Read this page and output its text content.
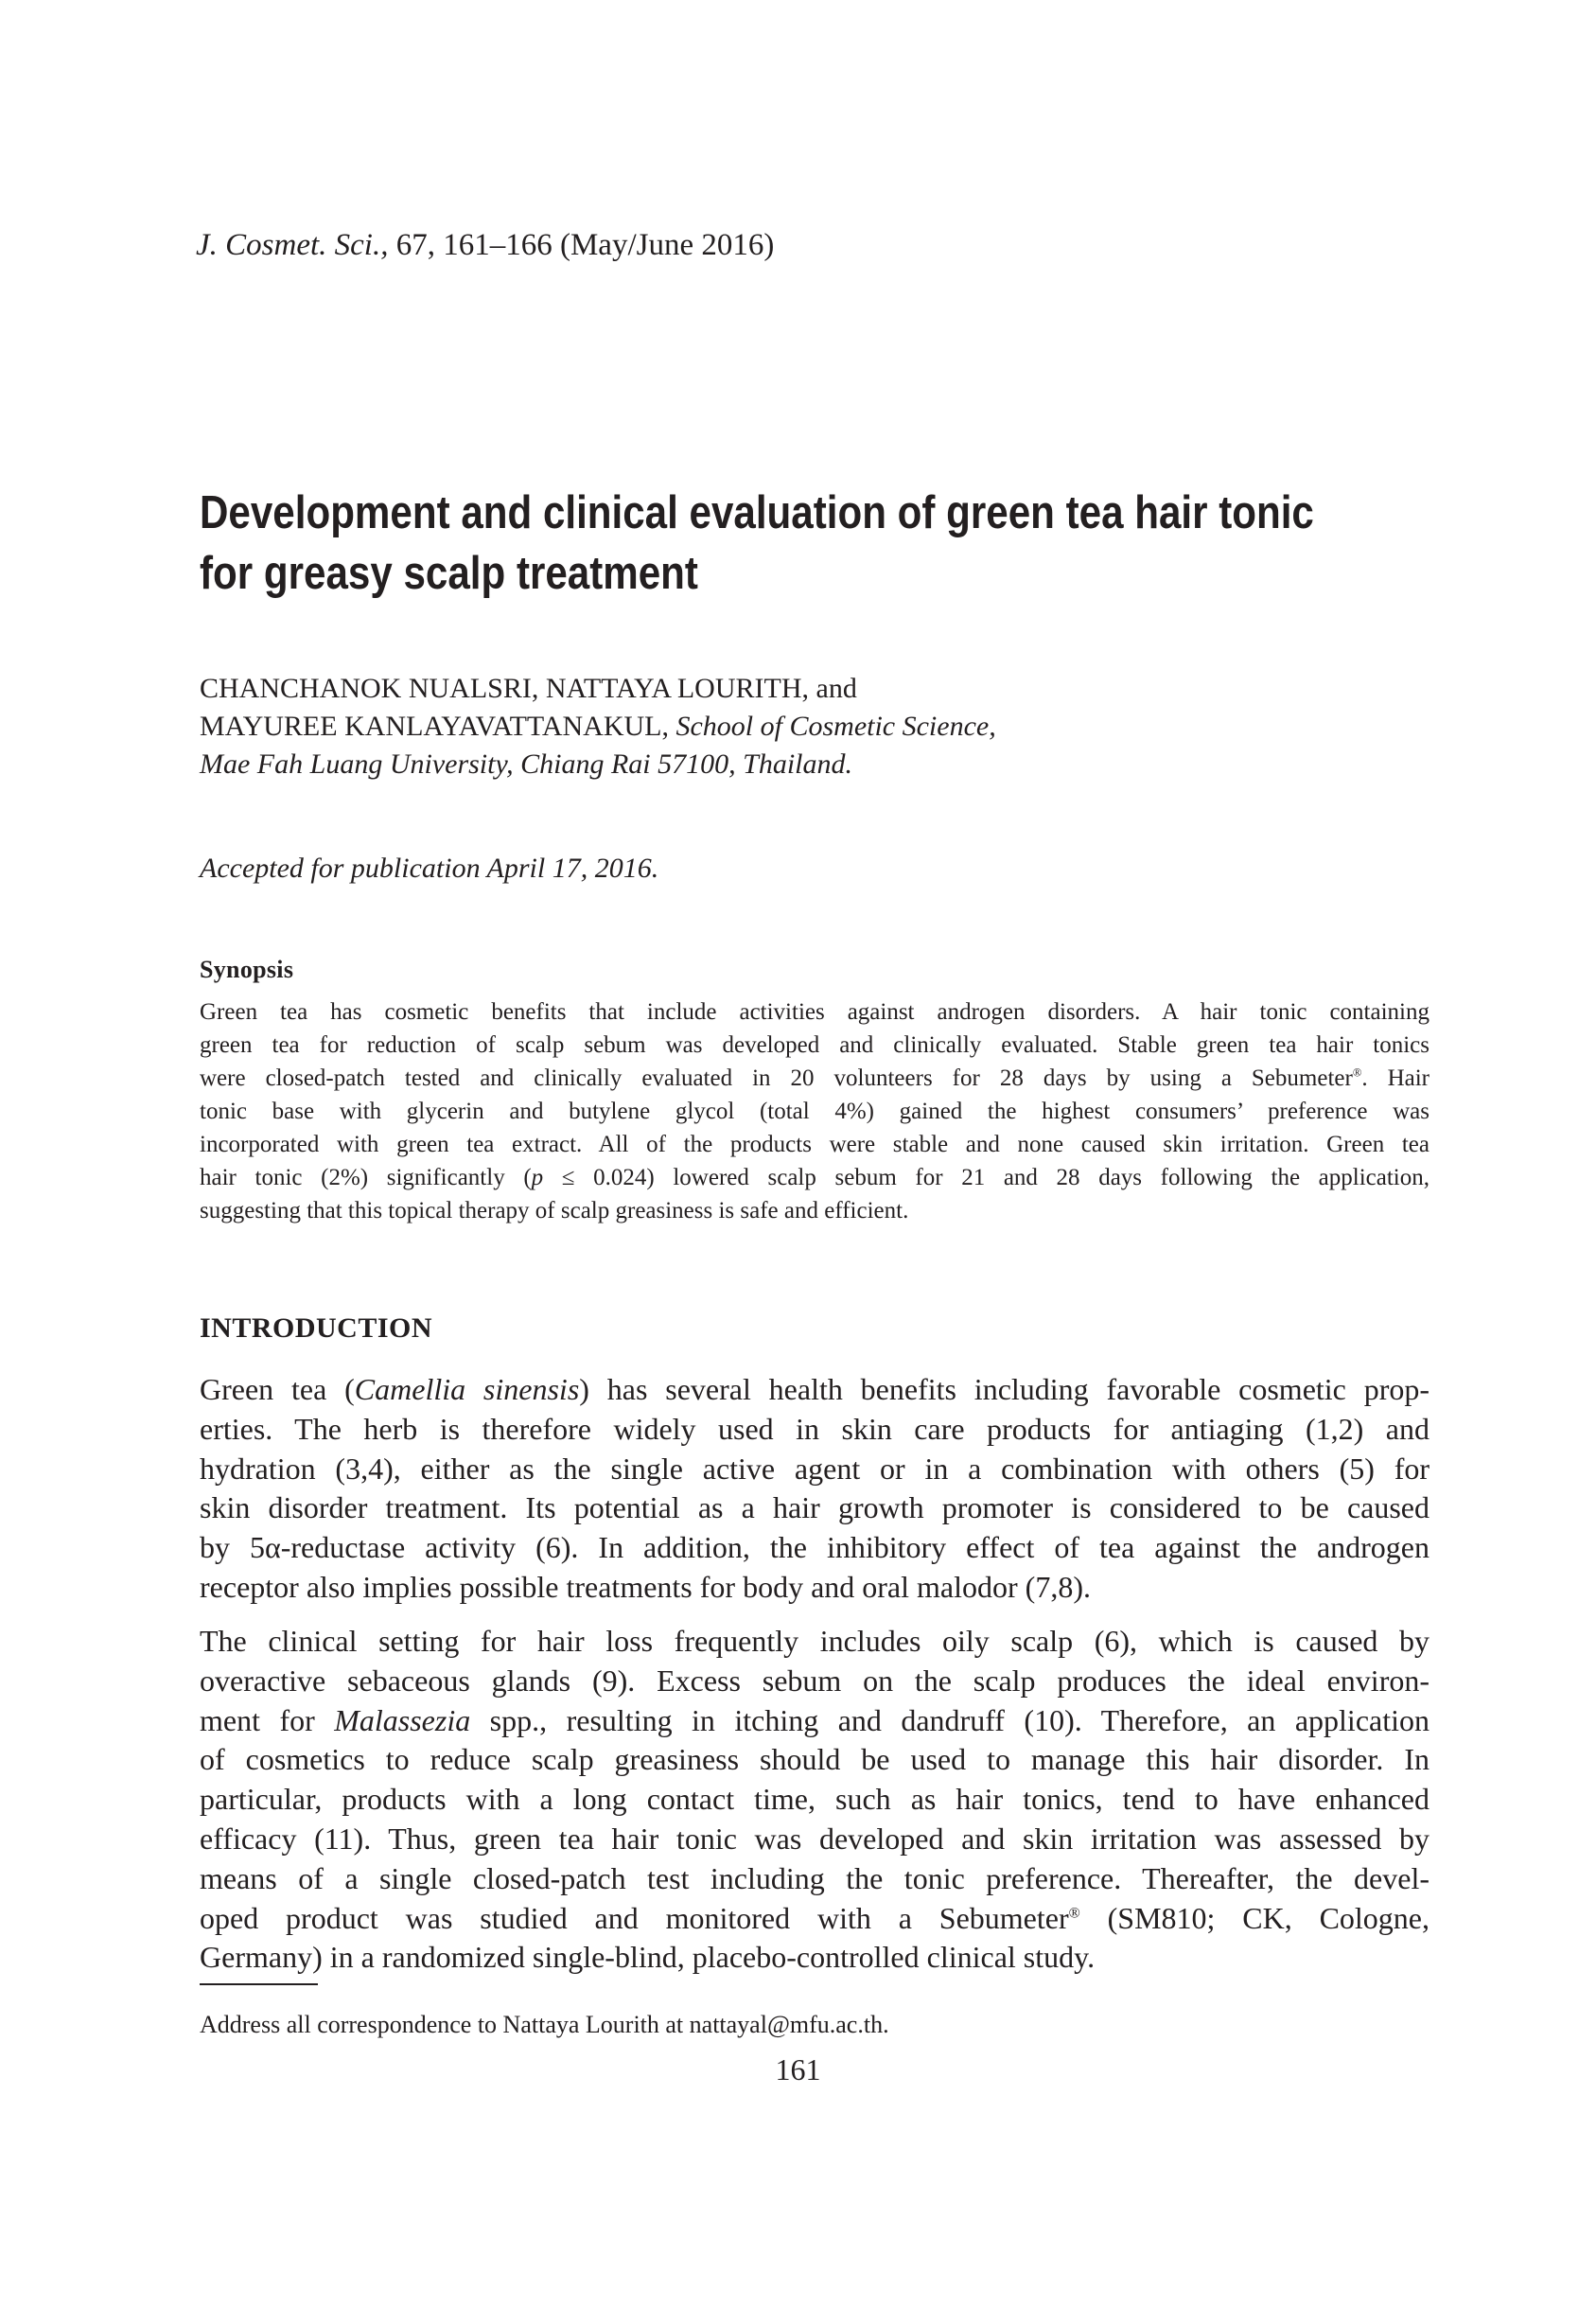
J. Cosmet. Sci., 67, 161–166 (May/June 2016)
Development and clinical evaluation of green tea hair tonic
for greasy scalp treatment
CHANCHANOK NUALSRI, NATTAYA LOURITH, and
MAYUREE KANLAYAVATTANAKUL, School of Cosmetic Science,
Mae Fah Luang University, Chiang Rai 57100, Thailand.
Accepted for publication April 17, 2016.
Synopsis
Green tea has cosmetic benefits that include activities against androgen disorders. A hair tonic containing
green tea for reduction of scalp sebum was developed and clinically evaluated. Stable green tea hair tonics
were closed-patch tested and clinically evaluated in 20 volunteers for 28 days by using a Sebumeter®. Hair
tonic base with glycerin and butylene glycol (total 4%) gained the highest consumers’ preference was
incorporated with green tea extract. All of the products were stable and none caused skin irritation. Green tea
hair tonic (2%) significantly (p ≤ 0.024) lowered scalp sebum for 21 and 28 days following the application,
suggesting that this topical therapy of scalp greasiness is safe and efficient.
INTRODUCTION
Green tea (Camellia sinensis) has several health benefits including favorable cosmetic prop-
erties. The herb is therefore widely used in skin care products for antiaging (1,2) and
hydration (3,4), either as the single active agent or in a combination with others (5) for
skin disorder treatment. Its potential as a hair growth promoter is considered to be caused
by 5α-reductase activity (6). In addition, the inhibitory effect of tea against the androgen
receptor also implies possible treatments for body and oral malodor (7,8).
The clinical setting for hair loss frequently includes oily scalp (6), which is caused by
overactive sebaceous glands (9). Excess sebum on the scalp produces the ideal environ-
ment for Malassezia spp., resulting in itching and dandruff (10). Therefore, an application
of cosmetics to reduce scalp greasiness should be used to manage this hair disorder. In
particular, products with a long contact time, such as hair tonics, tend to have enhanced
efficacy (11). Thus, green tea hair tonic was developed and skin irritation was assessed by
means of a single closed-patch test including the tonic preference. Thereafter, the devel-
oped product was studied and monitored with a Sebumeter® (SM810; CK, Cologne,
Germany) in a randomized single-blind, placebo-controlled clinical study.
Address all correspondence to Nattaya Lourith at nattayal@mfu.ac.th.
161
